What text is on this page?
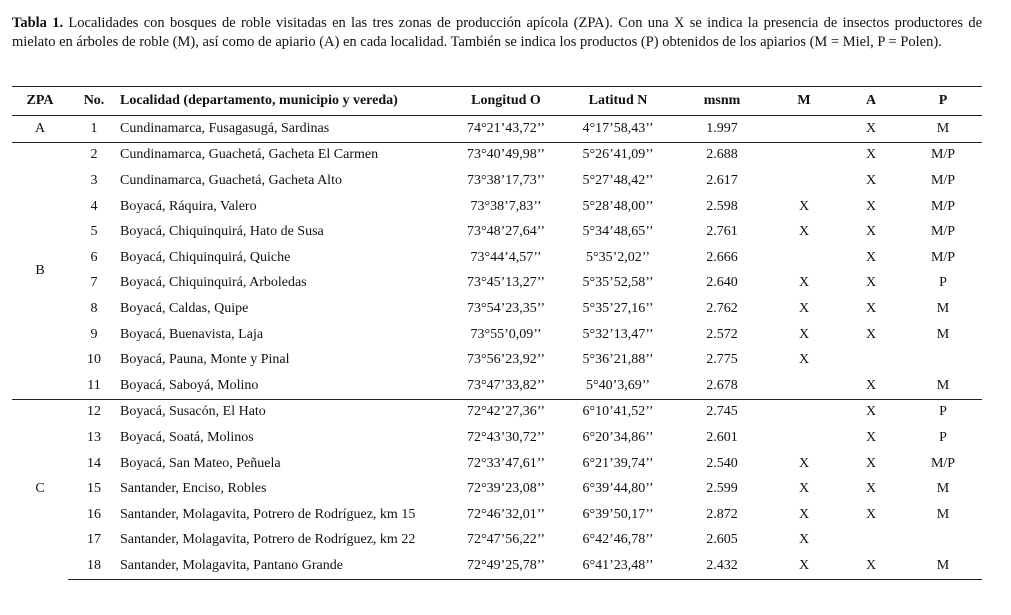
Tabla 1. Localidades con bosques de roble visitadas en las tres zonas de producción apícola (ZPA). Con una X se indica la presencia de insectos productores de mielato en árboles de roble (M), así como de apiario (A) en cada localidad. También se indica los productos (P) obtenidos de los apiarios (M = Miel, P = Polen).
ZPA	No.	Localidad (departamento, municipio y vereda)	Longitud O	Latitud N	msnm	M	A	P
A	1	Cundinamarca, Fusagasugá, Sardinas	74°21’43,72’’	4°17’58,43’’	1.997		X	M
B	2	Cundinamarca, Guachetá, Gacheta El Carmen	73°40’49,98’’	5°26’41,09’’	2.688		X	M/P
	3	Cundinamarca, Guachetá, Gacheta Alto	73°38’17,73’’	5°27’48,42’’	2.617		X	M/P
	4	Boyacá, Ráquira, Valero	73°38’7,83’’	5°28’48,00’’	2.598	X	X	M/P
	5	Boyacá, Chiquinquirá, Hato de Susa	73°48’27,64’’	5°34’48,65’’	2.761	X	X	M/P
	6	Boyacá, Chiquinquirá, Quiche	73°44’4,57’’	5°35’2,02’’	2.666		X	M/P
	7	Boyacá, Chiquinquirá, Arboledas	73°45’13,27’’	5°35’52,58’’	2.640	X	X	P
	8	Boyacá, Caldas, Quipe	73°54’23,35’’	5°35’27,16’’	2.762	X	X	M
	9	Boyacá, Buenavista, Laja	73°55’0,09’’	5°32’13,47’’	2.572	X	X	M
	10	Boyacá, Pauna, Monte y Pinal	73°56’23,92’’	5°36’21,88’’	2.775	X		
	11	Boyacá, Saboyá, Molino	73°47’33,82’’	5°40’3,69’’	2.678		X	M
C	12	Boyacá, Susacón, El Hato	72°42’27,36’’	6°10’41,52’’	2.745		X	P
	13	Boyacá, Soatá, Molinos	72°43’30,72’’	6°20’34,86’’	2.601		X	P
	14	Boyacá, San Mateo, Peñuela	72°33’47,61’’	6°21’39,74’’	2.540	X	X	M/P
	15	Santander, Enciso, Robles	72°39’23,08’’	6°39’44,80’’	2.599	X	X	M
	16	Santander, Molagavita, Potrero de Rodríguez, km 15	72°46’32,01’’	6°39’50,17’’	2.872	X	X	M
	17	Santander, Molagavita, Potrero de Rodríguez, km 22	72°47’56,22’’	6°42’46,78’’	2.605	X		
	18	Santander, Molagavita, Pantano Grande	72°49’25,78’’	6°41’23,48’’	2.432	X	X	M
